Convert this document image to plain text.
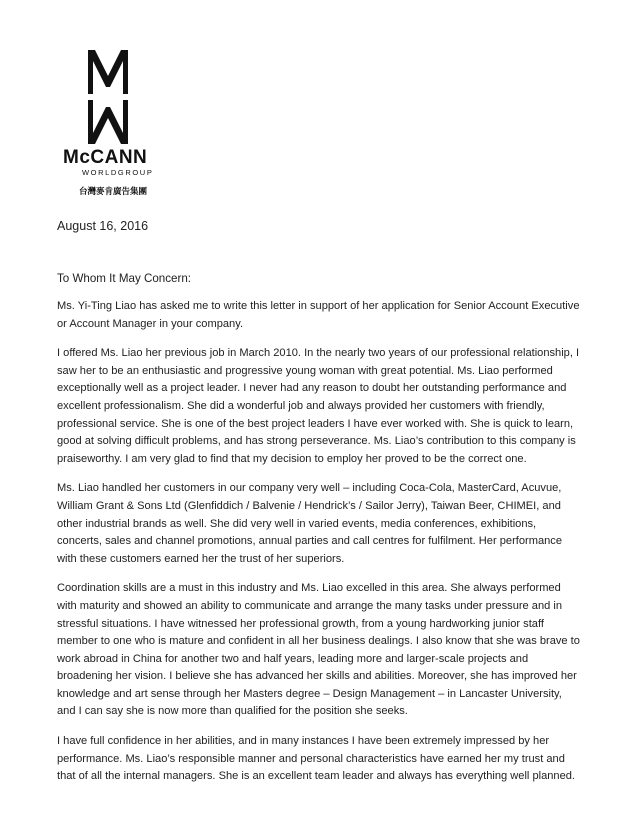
McCANN
WORLDGROUP
台灣麥肯廣告集團
August 16, 2016
To Whom It May Concern:

Ms. Yi-Ting Liao has asked me to write this letter in support of her application for Senior Account Executive or Account Manager in your company.

I offered Ms. Liao her previous job in March 2010. In the nearly two years of our professional relationship, I saw her to be an enthusiastic and progressive young woman with great potential. Ms. Liao performed exceptionally well as a project leader. I never had any reason to doubt her outstanding performance and excellent professionalism. She did a wonderful job and always provided her customers with friendly, professional service. She is one of the best project leaders I have ever worked with. She is quick to learn, good at solving difficult problems, and has strong perseverance. Ms. Liao’s contribution to this company is praiseworthy. I am very glad to find that my decision to employ her proved to be the correct one.

Ms. Liao handled her customers in our company very well – including Coca-Cola, MasterCard, Acuvue, William Grant & Sons Ltd (Glenfiddich / Balvenie / Hendrick’s / Sailor Jerry), Taiwan Beer, CHIMEI, and other industrial brands as well. She did very well in varied events, media conferences, exhibitions, concerts, sales and channel promotions, annual parties and call centres for fulfilment. Her performance with these customers earned her the trust of her superiors.

Coordination skills are a must in this industry and Ms. Liao excelled in this area. She always performed with maturity and showed an ability to communicate and arrange the many tasks under pressure and in stressful situations. I have witnessed her professional growth, from a young hardworking junior staff member to one who is mature and confident in all her business dealings. I also know that she was brave to work abroad in China for another two and half years, leading more and larger-scale projects and broadening her vision. I believe she has advanced her skills and abilities. Moreover, she has improved her knowledge and art sense through her Masters degree – Design Management – in Lancaster University, and I can say she is now more than qualified for the position she seeks.

I have full confidence in her abilities, and in many instances I have been extremely impressed by her performance. Ms. Liao’s responsible manner and personal characteristics have earned her my trust and that of all the internal managers. She is an excellent team leader and always has everything well planned.
